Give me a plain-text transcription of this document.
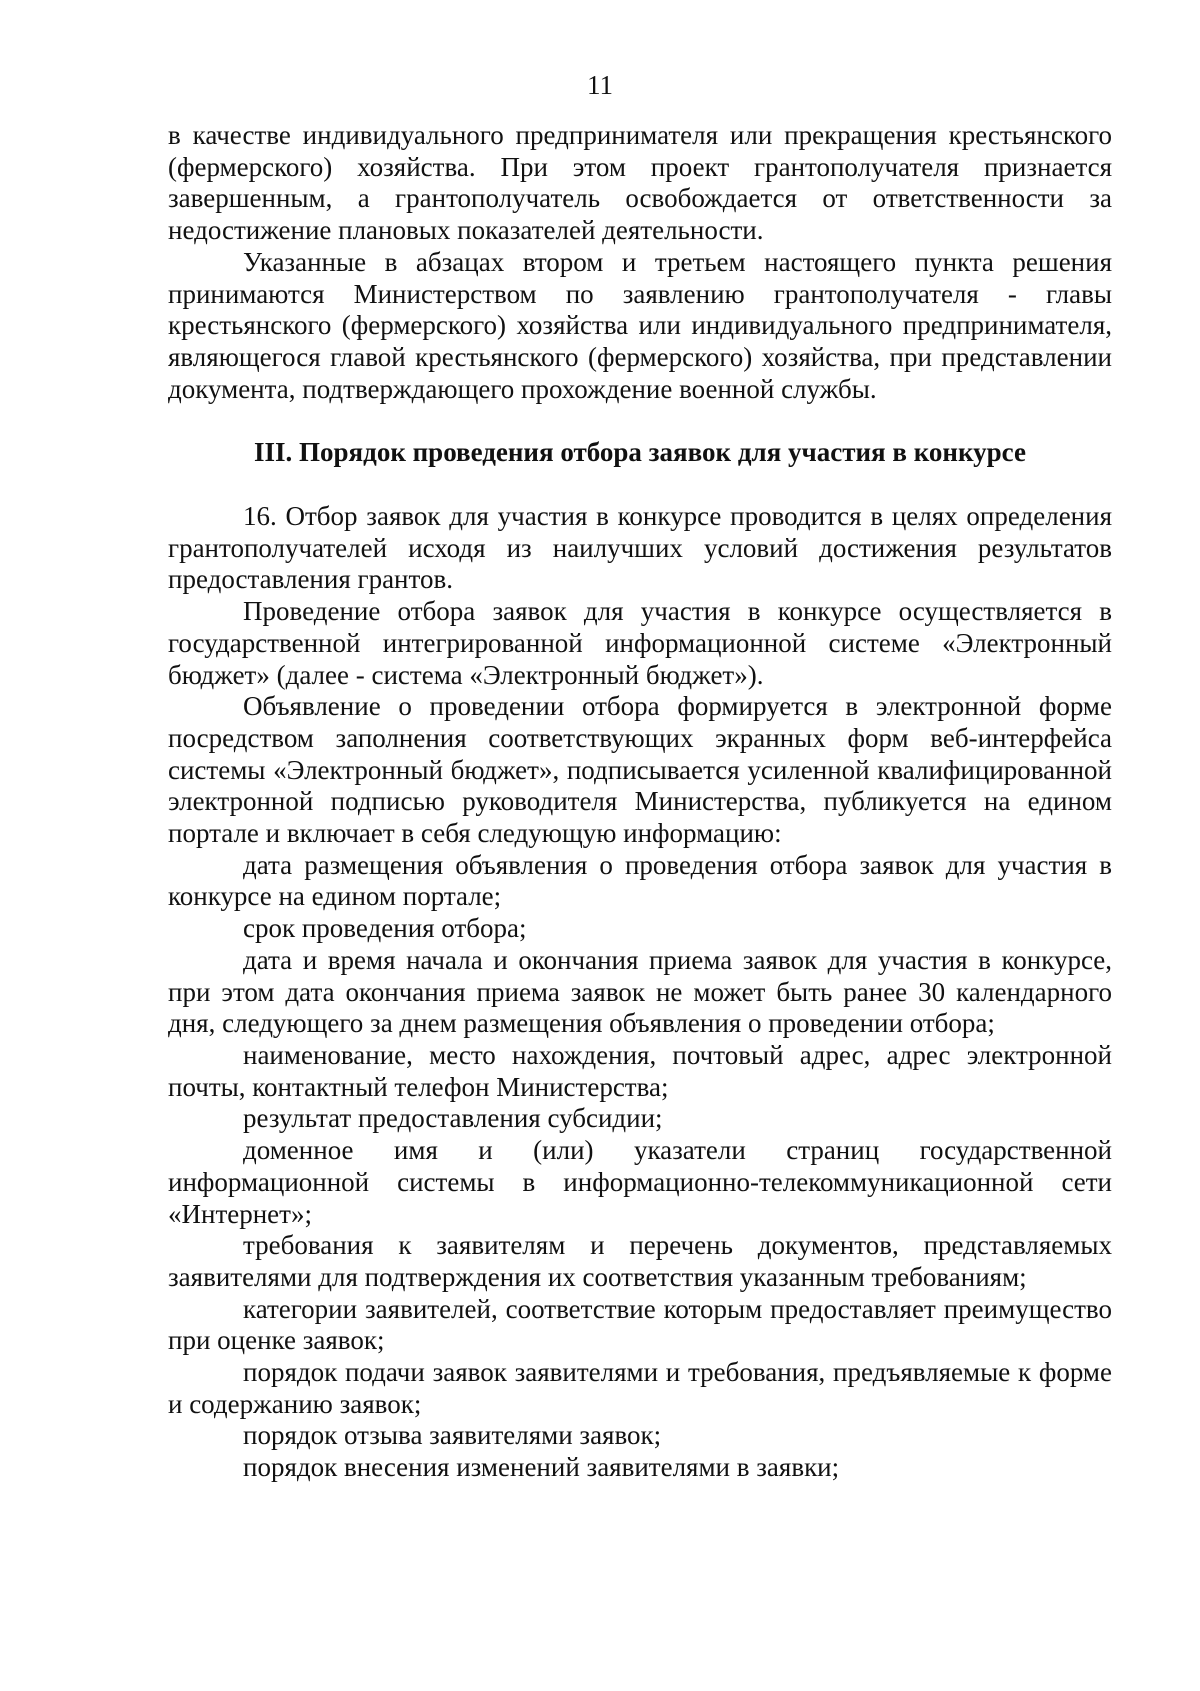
11

в качестве индивидуального предпринимателя или прекращения крестьянского (фермерского) хозяйства. При этом проект грантополучателя признается завершенным, а грантополучатель освобождается от ответственности за недостижение плановых показателей деятельности.

Указанные в абзацах втором и третьем настоящего пункта решения принимаются Министерством по заявлению грантополучателя - главы крестьянского (фермерского) хозяйства или индивидуального предпринимателя, являющегося главой крестьянского (фермерского) хозяйства, при представлении документа, подтверждающего прохождение военной службы.

III. Порядок проведения отбора заявок для участия в конкурсе

16. Отбор заявок для участия в конкурсе проводится в целях определения грантополучателей исходя из наилучших условий достижения результатов предоставления грантов.

Проведение отбора заявок для участия в конкурсе осуществляется в государственной интегрированной информационной системе «Электронный бюджет» (далее - система «Электронный бюджет»).

Объявление о проведении отбора формируется в электронной форме посредством заполнения соответствующих экранных форм веб-интерфейса системы «Электронный бюджет», подписывается усиленной квалифицированной электронной подписью руководителя Министерства, публикуется на едином портале и включает в себя следующую информацию:

дата размещения объявления о проведения отбора заявок для участия в конкурсе на едином портале;

срок проведения отбора;

дата и время начала и окончания приема заявок для участия в конкурсе, при этом дата окончания приема заявок не может быть ранее 30 календарного дня, следующего за днем размещения объявления о проведении отбора;

наименование, место нахождения, почтовый адрес, адрес электронной почты, контактный телефон Министерства;

результат предоставления субсидии;

доменное имя и (или) указатели страниц государственной информационной системы в информационно-телекоммуникационной сети «Интернет»;

требования к заявителям и перечень документов, представляемых заявителями для подтверждения их соответствия указанным требованиям;

категории заявителей, соответствие которым предоставляет преимущество при оценке заявок;

порядок подачи заявок заявителями и требования, предъявляемые к форме и содержанию заявок;

порядок отзыва заявителями заявок;

порядок внесения изменений заявителями в заявки;
